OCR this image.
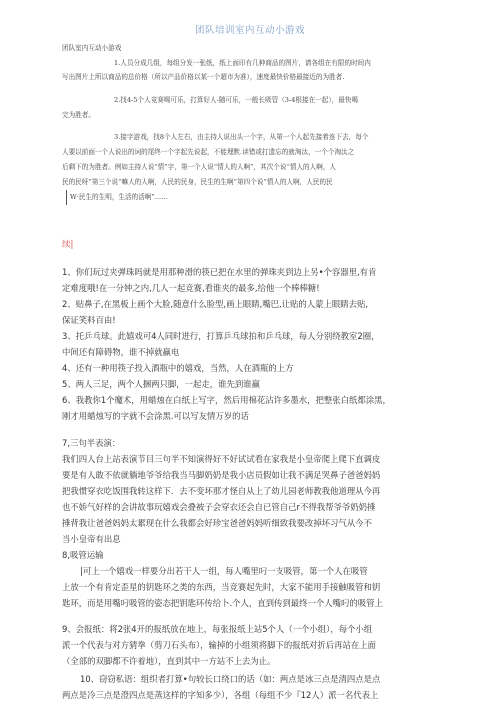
团队培训室内互动小游戏
团队室内互动小游戏
1.人员分成几组，每组分发一张纸，纸上面印有几种商品的图片，请各组在有限的时间内
写出图片上所以商品的总价格（所以产品价格以某一个超市为准），速度最快价格最接近的为胜者.
2.找4-5个人竞赛喝可乐，打算好人-随可乐，一般长吸管（3-4根接在一起），最快喝
完为胜者。
3.接字游戏，找8个人左右，由主持人说出头一个字，从第一个人起先接着连下去，每个
人要以前面一个人说出的词的尾终一个字起先说起，不能埋默.读错或打遗忘的就淘汰，一个个淘汰之
后剩下的为胜者。例如主持人说“情”字，第一个人说“情人的人啊”，其次个说“情人的人啊，人
民的民呀”第三个说“嘛人的人啊，人民的民身，民生的生啊”第四个说“情人的人啊，人民的民
W·民生的生明，生活的活啊”......
续|
1、你们玩过夹弹珠吗就是用那种滑的筷已把在水里的弹珠夹到边上另•个容器里,有肯
定难度哦!在一分钟之内,几人一起竞赛,看谁夹的最多,给他一个棒棒糖!
2、贴鼻子,在黑板上画个大脸,随意什么脸型,画上眼睛,嘴巴,让贴的人蒙上眼睛去贴,
保证笑料百由!
3、托乒乓球。此嬉戏可4人同时进行，打算乒乓球拍和乒乓球，每人分别绕教室2圈，
中间还有障碍物，谁不掉就赢电
4、还有一种用筷子投入酒瓶中的嬉戏，当然，人在酒瓶的上方
5、两人三足，两个人捆两只脚，一起走，谁先到谁赢
6、我教你1个魔术，用蜡烛在白纸上写字，然后用棉花沾许多墨水，把整张白纸都涂黑，
刚才用蜡烛写的字就不会涂黑.可以写友情万岁的话
7,三句半表演：
我们四人台上站表演节目三句半不知演得好不好试试看在家我是小皇帝爬上爬下直调皮
要是有人敢不依就躺地爷爷给我当马脚奶奶是我小店员假如让我不满足哭鼻子爸爸妈妈
把我惯穿衣吃饭围我转这样下．去不变坏那才怪自从上了幼儿园老师教我他道理从今再
也不娇气好样的会讲故事玩嬉戏会叠被子会穿衣还会自已管自己r不得我帮爷爷奶奶捶
捶背我让爸爸妈妈太累现在什么我都会好珍宝爸爸妈妈听细致我要改掉坏习气从今不
当小皇帝有出息
8,吸管运输
|可上一个嬉戏一样要分出若干人一组，每人嘴里叼一支吸管，第一个人在吸管
上放一个有肯定歪星的钥匙环之类的东西，当竞赛起先时，大家不能用手接触吸管和钥
匙环，而是用嘴叼吸管的姿态把钥匙环传给卜.个人，直到传到最终一个人嘴叼的吸管上
9、会报纸：将2张4开的报纸放在地上，每张报纸上站5个人（一个小组），每个小组
派一个代表与对方猜拳（剪刀石头布），输掉的小组须将脚下的报纸对折后再站在上面
（全部的双脚都不许着地），直到其中一方站不上去为止。
10、窃窃私语：组织者打算•句较长口绕口的话（如：两点是冰三点是清四点是点
两点是冷三点是澄四点是蒸这样的字知多少），各组（每组不少『12人）派一名代表上
